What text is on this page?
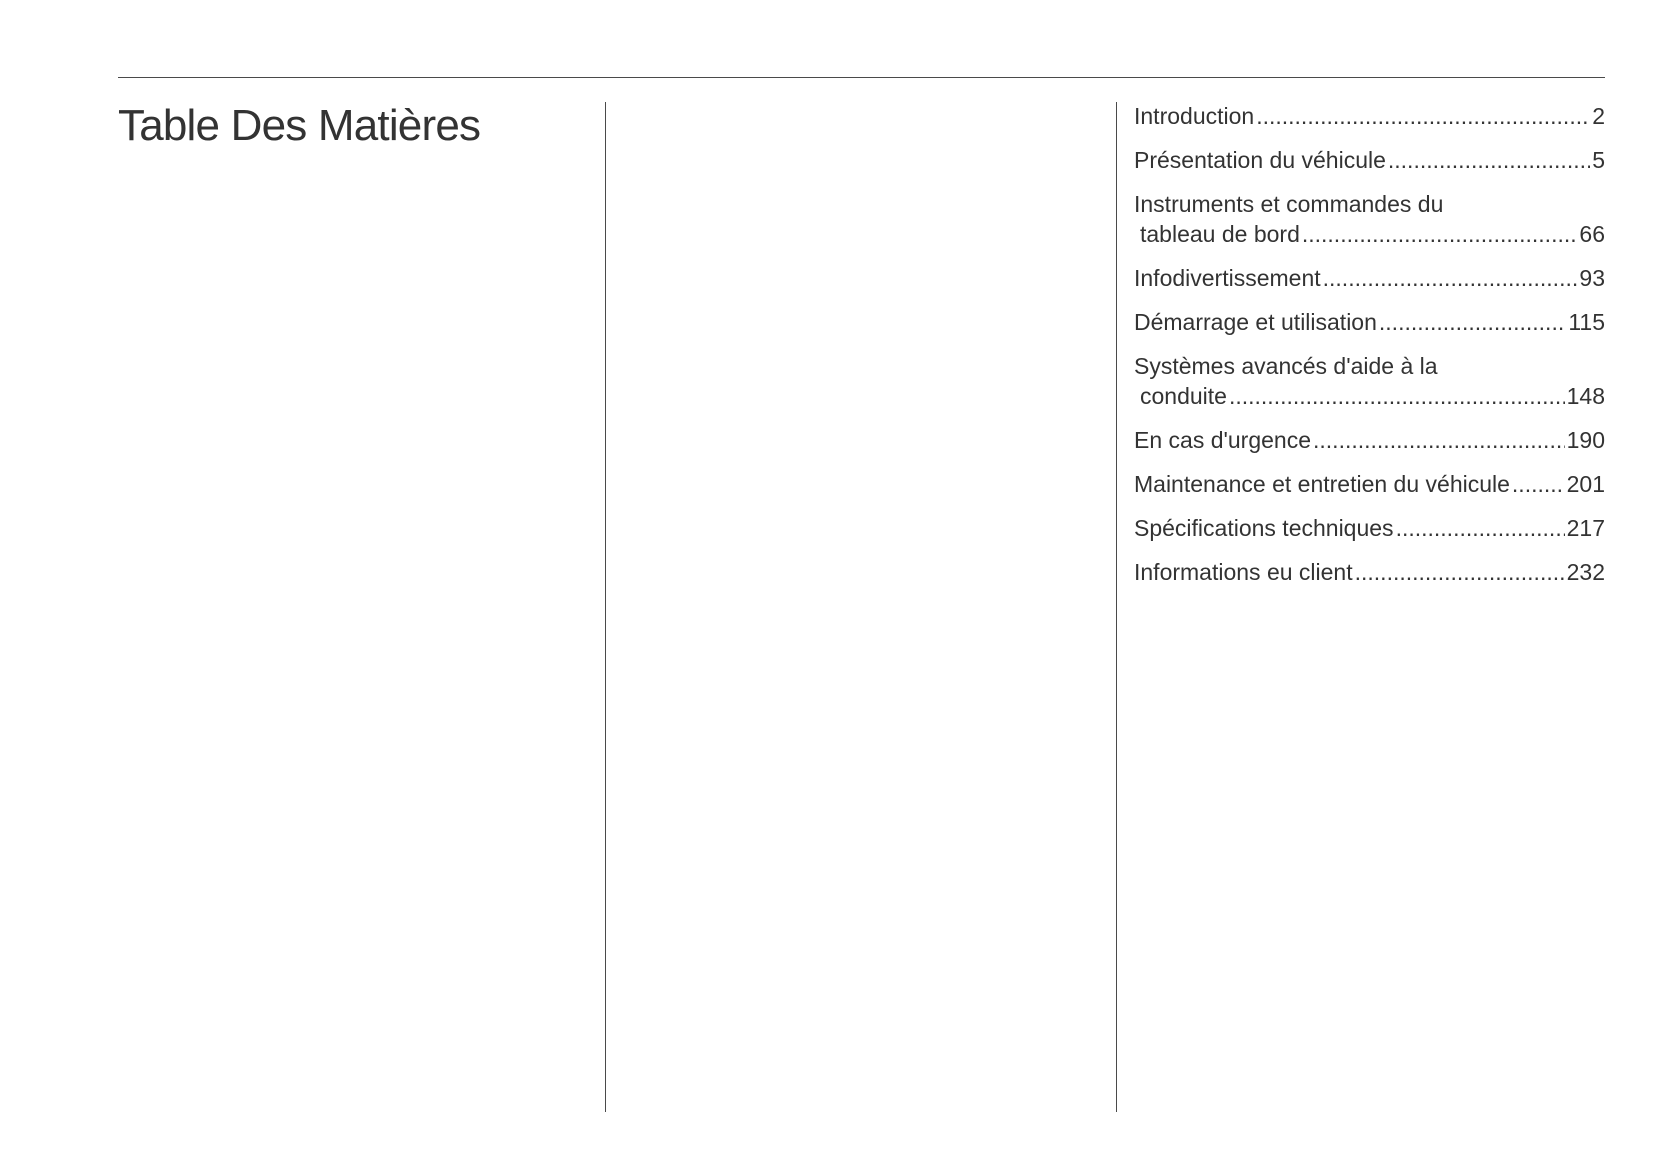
Table Des Matières	Introduction .....	2
Présentation du véhicule .....	5
Instruments et commandes du
tableau de bord .....	66
Infodivertissement .....	93
Démarrage et utilisation .....	115
Systèmes avancés d'aide à la
conduite .....	148
En cas d'urgence .....	190
Maintenance et entretien du véhicule ..... 201
Spécifications techniques .....	217
Informations eu client .....	232
